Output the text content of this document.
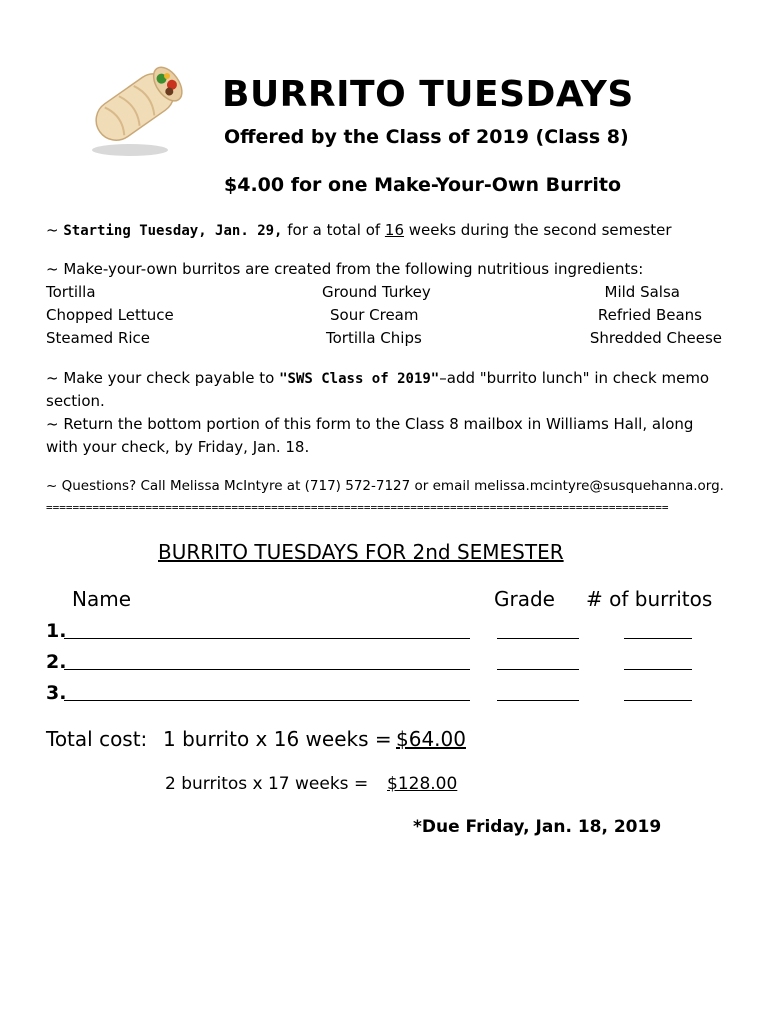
BURRITO TUESDAYS
Offered by the Class of 2019 (Class 8)
$4.00 for one Make-Your-Own Burrito
~ Starting Tuesday, Jan. 29, for a total of 16 weeks during the second semester
~ Make-your-own burritos are created from the following nutritious ingredients:
Tortilla
Chopped Lettuce
Steamed Rice
Ground Turkey
Sour Cream
Tortilla Chips
Mild Salsa
Refried Beans
Shredded Cheese
~ Make your check payable to "SWS Class of 2019"–add "burrito lunch" in check memo
section.
~ Return the bottom portion of this form to the Class 8 mailbox in Williams Hall, along
with your check, by Friday, Jan. 18.
~ Questions? Call Melissa McIntyre at (717) 572-7127 or email melissa.mcintyre@susquehanna.org.
==============================================================================================
BURRITO TUESDAYS FOR 2nd SEMESTER
Name	Grade # of burritos
1.
2.
3.
Total cost: 1 burrito x 16 weeks = $64.00
2 burritos x 17 weeks = $128.00
*Due Friday, Jan. 18, 2019
